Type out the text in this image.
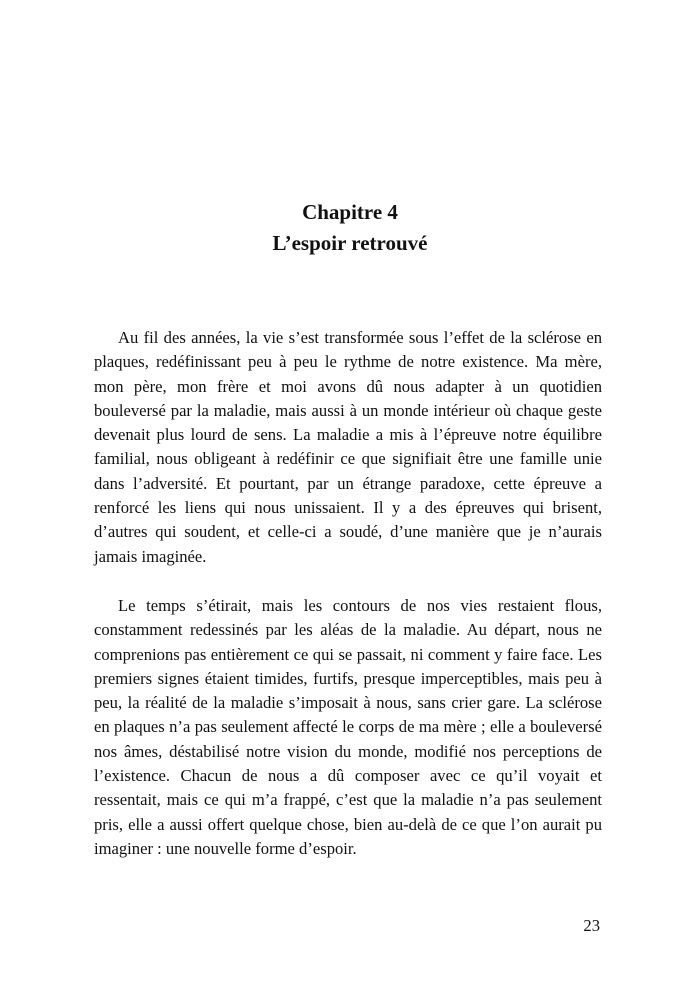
Chapitre 4
L’espoir retrouvé

Au fil des années, la vie s’est transformée sous l’effet de la sclérose en plaques, redéfinissant peu à peu le rythme de notre existence. Ma mère, mon père, mon frère et moi avons dû nous adapter à un quotidien bouleversé par la maladie, mais aussi à un monde intérieur où chaque geste devenait plus lourd de sens. La maladie a mis à l’épreuve notre équilibre familial, nous obligeant à redéfinir ce que signifiait être une famille unie dans l’adversité. Et pourtant, par un étrange paradoxe, cette épreuve a renforcé les liens qui nous unissaient. Il y a des épreuves qui brisent, d’autres qui soudent, et celle-ci a soudé, d’une manière que je n’aurais jamais imaginée.

Le temps s’étirait, mais les contours de nos vies restaient flous, constamment redessinés par les aléas de la maladie. Au départ, nous ne comprenions pas entièrement ce qui se passait, ni comment y faire face. Les premiers signes étaient timides, furtifs, presque imperceptibles, mais peu à peu, la réalité de la maladie s’imposait à nous, sans crier gare. La sclérose en plaques n’a pas seulement affecté le corps de ma mère ; elle a bouleversé nos âmes, déstabilisé notre vision du monde, modifié nos perceptions de l’existence. Chacun de nous a dû composer avec ce qu’il voyait et ressentait, mais ce qui m’a frappé, c’est que la maladie n’a pas seulement pris, elle a aussi offert quelque chose, bien au-delà de ce que l’on aurait pu imaginer : une nouvelle forme d’espoir.

23
